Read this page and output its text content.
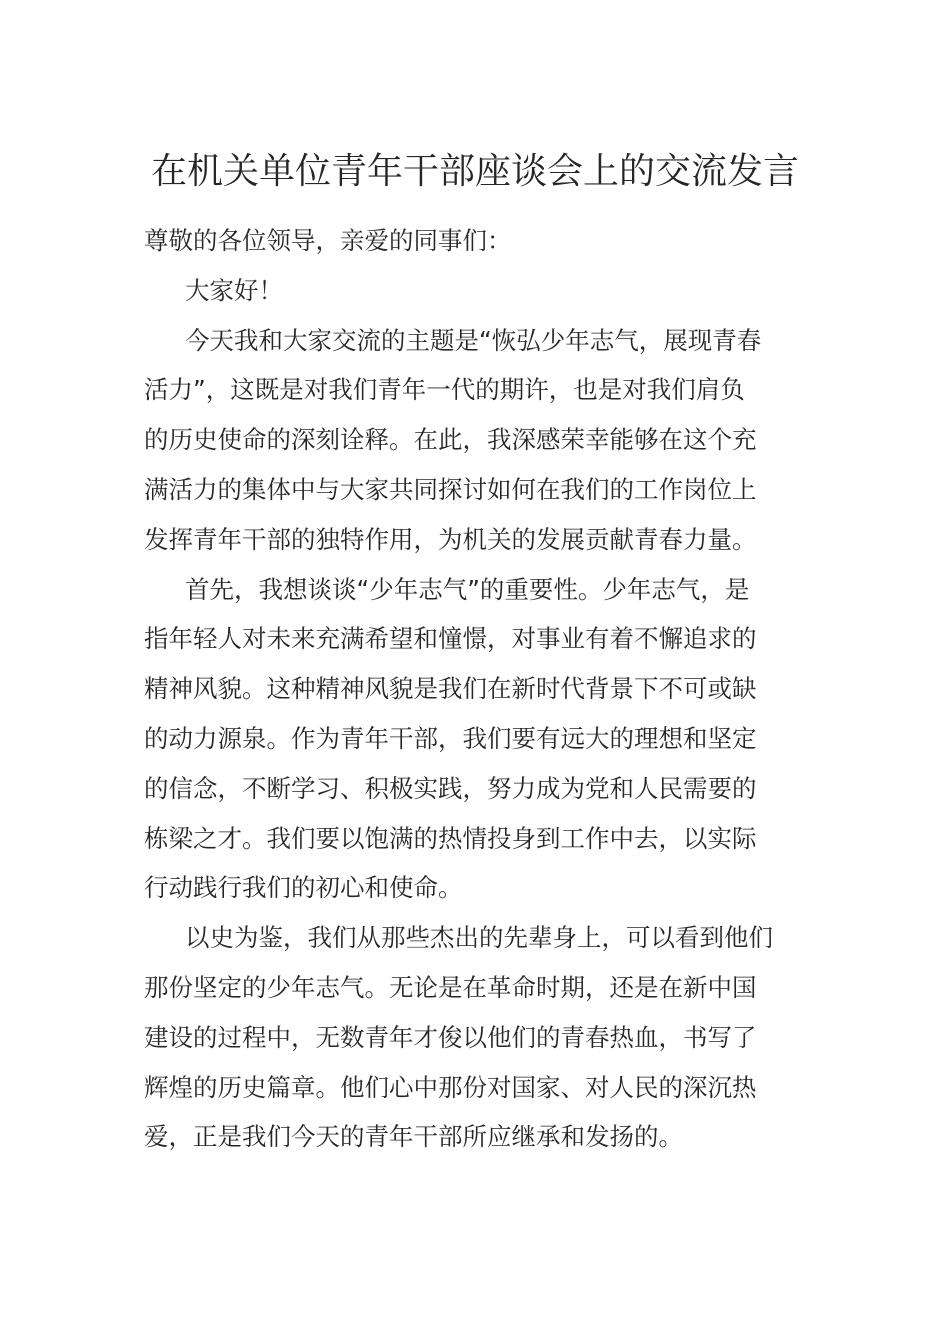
在机关单位青年干部座谈会上的交流发言
尊敬的各位领导，亲爱的同事们：
大家好！
今天我和大家交流的主题是“恢弘少年志气，展现青春
活力”，这既是对我们青年一代的期许，也是对我们肩负
的历史使命的深刻诠释。在此，我深感荣幸能够在这个充
满活力的集体中与大家共同探讨如何在我们的工作岗位上
发挥青年干部的独特作用，为机关的发展贡献青春力量。
首先，我想谈谈“少年志气”的重要性。少年志气，是
指年轻人对未来充满希望和憧憬，对事业有着不懈追求的
精神风貌。这种精神风貌是我们在新时代背景下不可或缺
的动力源泉。作为青年干部，我们要有远大的理想和坚定
的信念，不断学习、积极实践，努力成为党和人民需要的
栋梁之才。我们要以饱满的热情投身到工作中去，以实际
行动践行我们的初心和使命。
以史为鉴，我们从那些杰出的先辈身上，可以看到他们
那份坚定的少年志气。无论是在革命时期，还是在新中国
建设的过程中，无数青年才俊以他们的青春热血，书写了
辉煌的历史篇章。他们心中那份对国家、对人民的深沉热
爱，正是我们今天的青年干部所应继承和发扬的。
